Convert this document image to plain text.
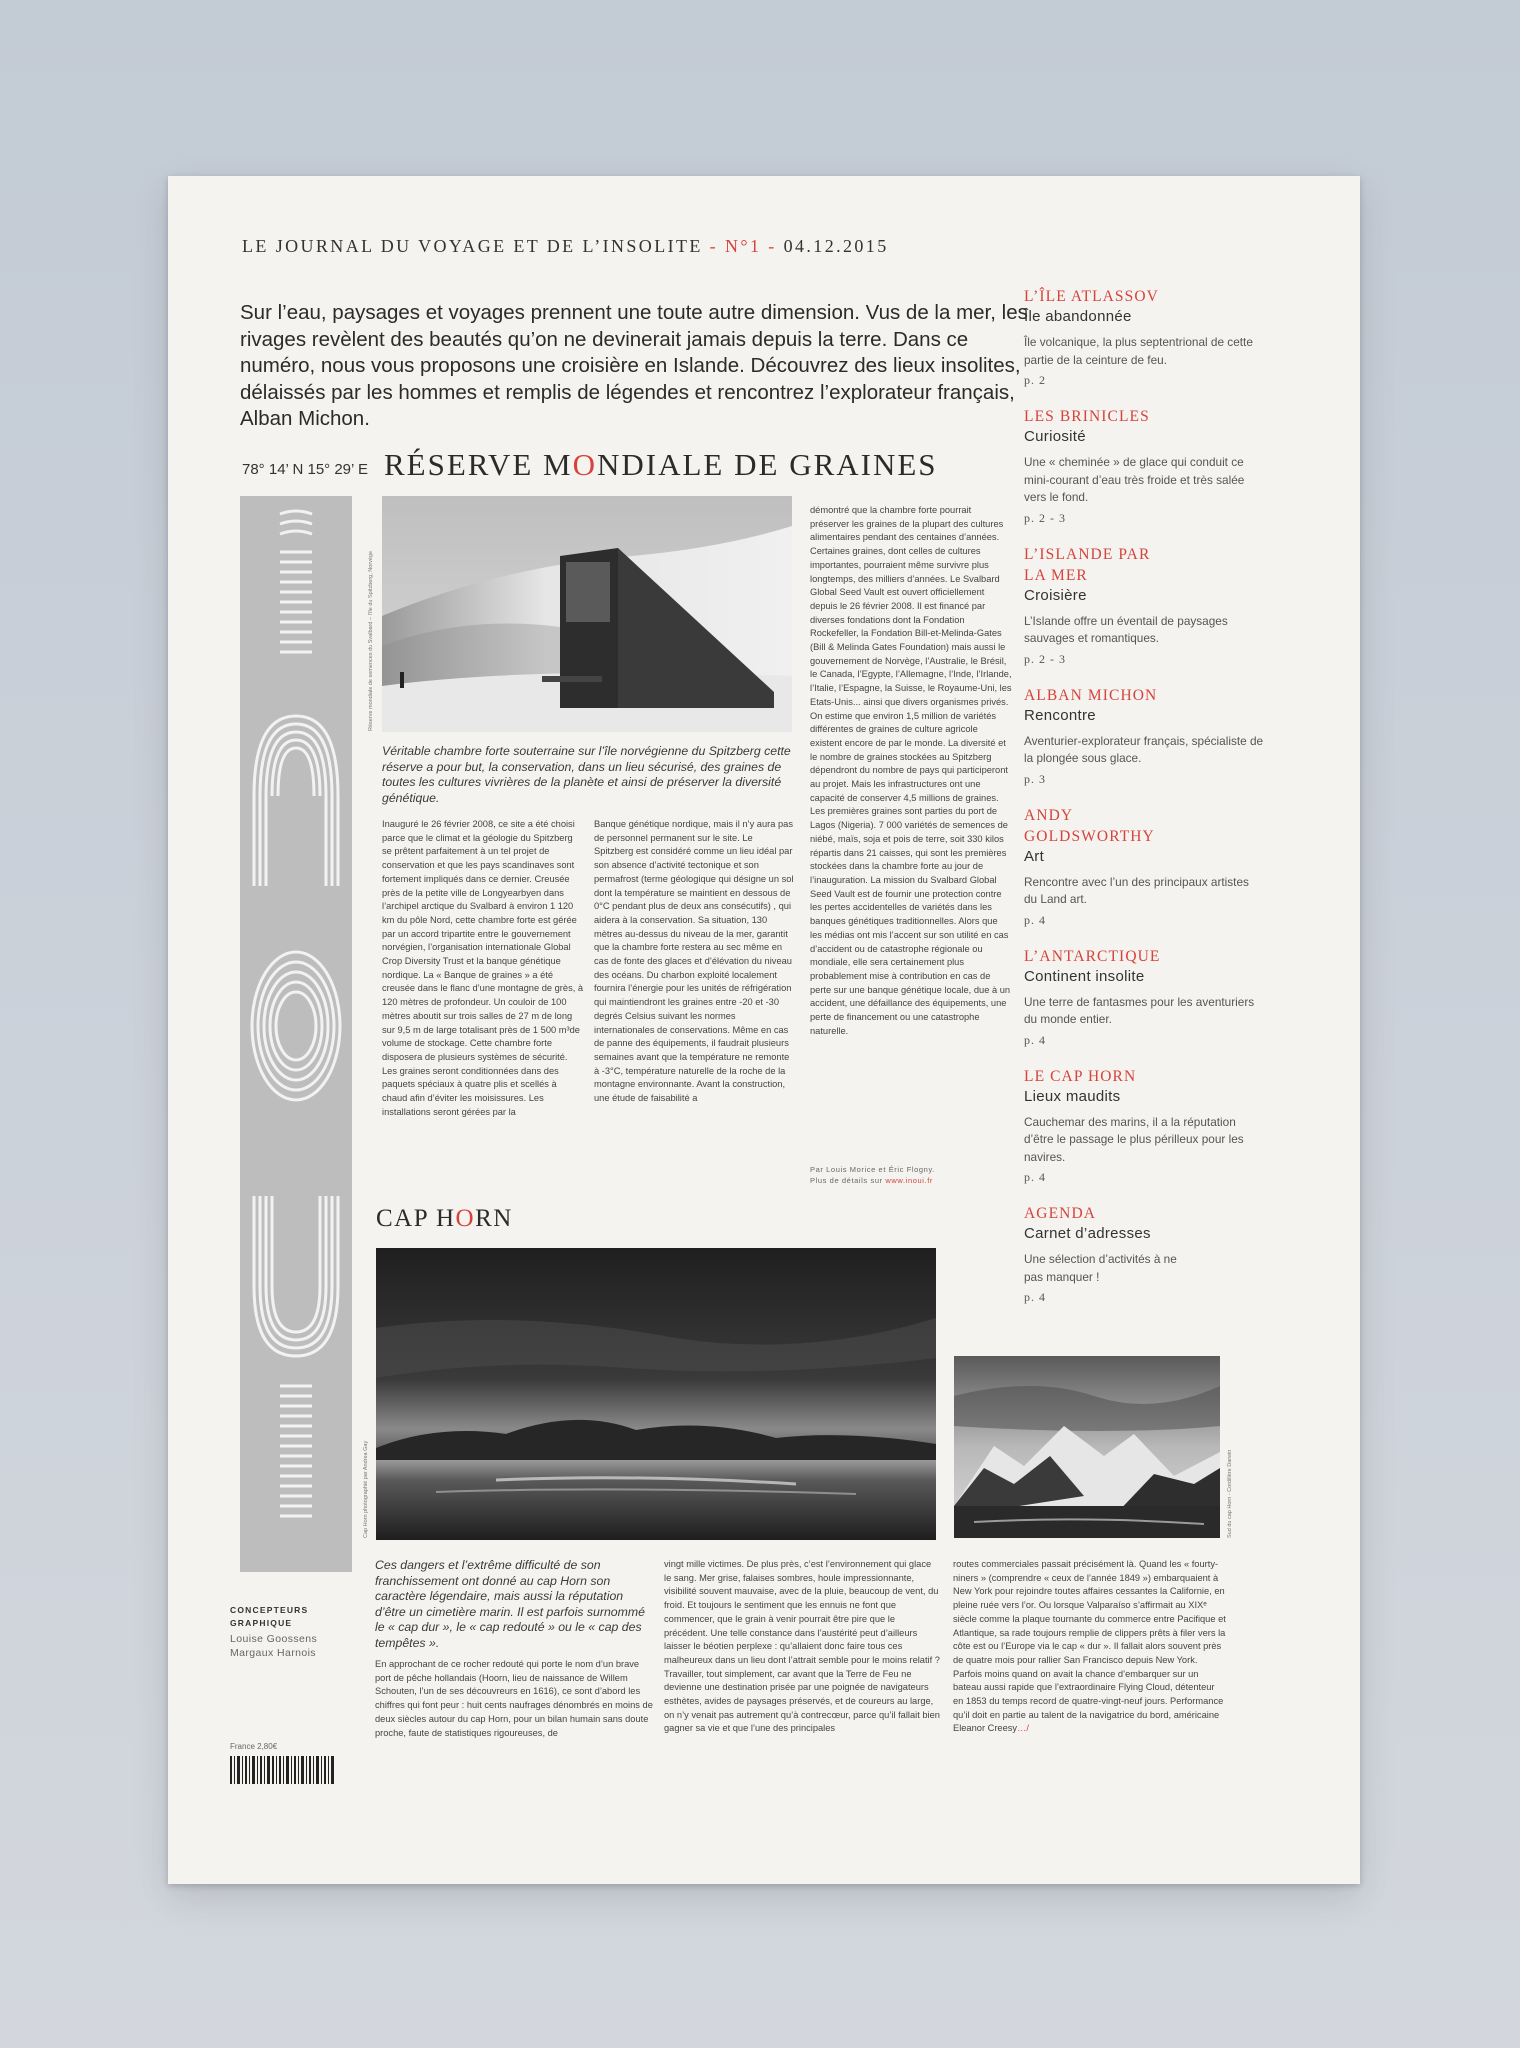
LE JOURNAL DU VOYAGE ET DE L’INSOLITE - N°1 - 04.12.2015
Sur l’eau, paysages et voyages prennent une toute autre dimension. Vus de la mer, les rivages revèlent des beautés qu’on ne devinerait jamais depuis la terre. Dans ce numéro, nous vous proposons une croisière en Islande. Découvrez des lieux insolites, délaissés par les hommes et remplis de légendes et rencontrez l’explorateur français, Alban Michon.
78° 14’ N 15° 29’ E RÉSERVE MONDIALE DE GRAINES
Réserve mondiale de semences du Svalbard – l’île du Spitzberg, Norvège
Véritable chambre forte souterraine sur l’île norvégienne du Spitzberg cette réserve a pour but, la conservation, dans un lieu sécurisé, des graines de toutes les cultures vivrières de la planète et ainsi de préserver la diversité génétique.
Inauguré le 26 février 2008, ce site a été choisi parce que le climat et la géologie du Spitzberg se prêtent parfaitement à un tel projet de conservation et que les pays scandinaves sont fortement impliqués dans ce dernier. Creusée près de la petite ville de Longyearbyen dans l’archipel arctique du Svalbard à environ 1 120 km du pôle Nord, cette chambre forte est gérée par un accord tripartite entre le gouvernement norvégien, l’organisation internationale Global Crop Diversity Trust et la banque génétique nordique. La « Banque de graines » a été creusée dans le flanc d’une montagne de grès, à 120 mètres de profondeur. Un couloir de 100 mètres aboutit sur trois salles de 27 m de long sur 9,5 m de large totalisant près de 1 500 m³de volume de stockage. Cette chambre forte disposera de plusieurs systèmes de sécurité. Les graines seront conditionnées dans des paquets spéciaux à quatre plis et scellés à chaud afin d’éviter les moisissures. Les installations seront gérées par la
Banque génétique nordique, mais il n’y aura pas de personnel permanent sur le site. Le Spitzberg est considéré comme un lieu idéal par son absence d’activité tectonique et son permafrost (terme géologique qui désigne un sol dont la température se maintient en dessous de 0°C pendant plus de deux ans consécutifs) , qui aidera à la conservation. Sa situation, 130 mètres au-dessus du niveau de la mer, garantit que la chambre forte restera au sec même en cas de fonte des glaces et d’élévation du niveau des océans. Du charbon exploité localement fournira l’énergie pour les unités de réfrigération qui maintiendront les graines entre -20 et -30 degrés Celsius suivant les normes internationales de conservations. Même en cas de panne des équipements, il faudrait plusieurs semaines avant que la température ne remonte à -3°C, température naturelle de la roche de la montagne environnante. Avant la construction, une étude de faisabilité a
démontré que la chambre forte pourrait préserver les graines de la plupart des cultures alimentaires pendant des centaines d’années. Certaines graines, dont celles de cultures importantes, pourraient même survivre plus longtemps, des milliers d’années. Le Svalbard Global Seed Vault est ouvert officiellement depuis le 26 février 2008. Il est financé par diverses fondations dont la Fondation Rockefeller, la Fondation Bill-et-Melinda-Gates (Bill & Melinda Gates Foundation) mais aussi le gouvernement de Norvège, l’Australie, le Brésil, le Canada, l’Egypte, l’Allemagne, l’Inde, l’Irlande, l’Italie, l’Espagne, la Suisse, le Royaume-Uni, les Etats-Unis... ainsi que divers organismes privés. On estime que environ 1,5 million de variétés différentes de graines de culture agricole existent encore de par le monde. La diversité et le nombre de graines stockées au Spitzberg dépendront du nombre de pays qui participeront au projet. Mais les infrastructures ont une capacité de conserver 4,5 millions de graines. Les premières graines sont parties du port de Lagos (Nigeria). 7 000 variétés de semences de niébé, maïs, soja et pois de terre, soit 330 kilos répartis dans 21 caisses, qui sont les premières stockées dans la chambre forte au jour de l’inauguration. La mission du Svalbard Global Seed Vault est de fournir une protection contre les pertes accidentelles de variétés dans les banques génétiques traditionnelles. Alors que les médias ont mis l’accent sur son utilité en cas d’accident ou de catastrophe régionale ou mondiale, elle sera certainement plus probablement mise à contribution en cas de perte sur une banque génétique locale, due à un accident, une défaillance des équipements, une perte de financement ou une catastrophe naturelle.
Par Louis Morice et Éric Flogny.
Plus de détails sur www.inoui.fr
CAP HORN
Cap Horn photographié par Andrea Gay	Sud du cap Horn - Cordillère Darwin
Ces dangers et l’extrême difficulté de son franchissement ont donné au cap Horn son caractère légendaire, mais aussi la réputation d’être un cimetière marin. Il est parfois surnommé le « cap dur », le « cap redouté » ou le « cap des tempêtes ».
En approchant de ce rocher redouté qui porte le nom d’un brave port de pêche hollandais (Hoorn, lieu de naissance de Willem Schouten, l’un de ses découvreurs en 1616), ce sont d’abord les chiffres qui font peur : huit cents naufrages dénombrés en moins de deux siècles autour du cap Horn, pour un bilan humain sans doute proche, faute de statistiques rigoureuses, de
vingt mille victimes. De plus près, c’est l’environnement qui glace le sang. Mer grise, falaises sombres, houle impressionnante, visibilité souvent mauvaise, avec de la pluie, beaucoup de vent, du froid. Et toujours le sentiment que les ennuis ne font que commencer, que le grain à venir pourrait être pire que le précédent. Une telle constance dans l’austérité peut d’ailleurs laisser le béotien perplexe : qu’allaient donc faire tous ces malheureux dans un lieu dont l’attrait semble pour le moins relatif ? Travailler, tout simplement, car avant que la Terre de Feu ne devienne une destination prisée par une poignée de navigateurs esthètes, avides de paysages préservés, et de coureurs au large, on n’y venait pas autrement qu’à contrecœur, parce qu’il fallait bien gagner sa vie et que l’une des principales
routes commerciales passait précisément là. Quand les « fourty-niners » (comprendre « ceux de l’année 1849 ») embarquaient à New York pour rejoindre toutes affaires cessantes la Californie, en pleine ruée vers l’or. Ou lorsque Valparaíso s’affirmait au XIXᵉ siècle comme la plaque tournante du commerce entre Pacifique et Atlantique, sa rade toujours remplie de clippers prêts à filer vers la côte est ou l’Europe via le cap « dur ». Il fallait alors souvent près de quatre mois pour rallier San Francisco depuis New York. Parfois moins quand on avait la chance d’embarquer sur un bateau aussi rapide que l’extraordinaire Flying Cloud, détenteur en 1853 du temps record de quatre-vingt-neuf jours. Performance qu’il doit en partie au talent de la navigatrice du bord, américaine Eleanor Creesy…/
L’ÎLE ATLASSOV
Île abandonnée
Île volcanique, la plus septentrional de cette partie de la ceinture de feu.
p. 2
LES BRINICLES
Curiosité
Une « cheminée » de glace qui conduit ce mini-courant d’eau très froide et très salée vers le fond.
p. 2 - 3
L’ISLANDE PAR LA MER
Croisière
L’Islande offre un éventail de paysages sauvages et romantiques.
p. 2 - 3
ALBAN MICHON
Rencontre
Aventurier-explorateur français, spécialiste de la plongée sous glace.
p. 3
ANDY GOLDSWORTHY
Art
Rencontre avec l’un des principaux artistes du Land art.
p. 4
L’ANTARCTIQUE
Continent insolite
Une terre de fantasmes pour les aventuriers du monde entier.
p. 4
LE CAP HORN
Lieux maudits
Cauchemar des marins, il a la réputation d’être le passage le plus périlleux pour les navires.
p. 4
AGENDA
Carnet d’adresses
Une sélection d’activités à ne pas manquer !
p. 4
CONCEPTEURS
GRAPHIQUE
Louise Goossens
Margaux Harnois
France 2,80€
